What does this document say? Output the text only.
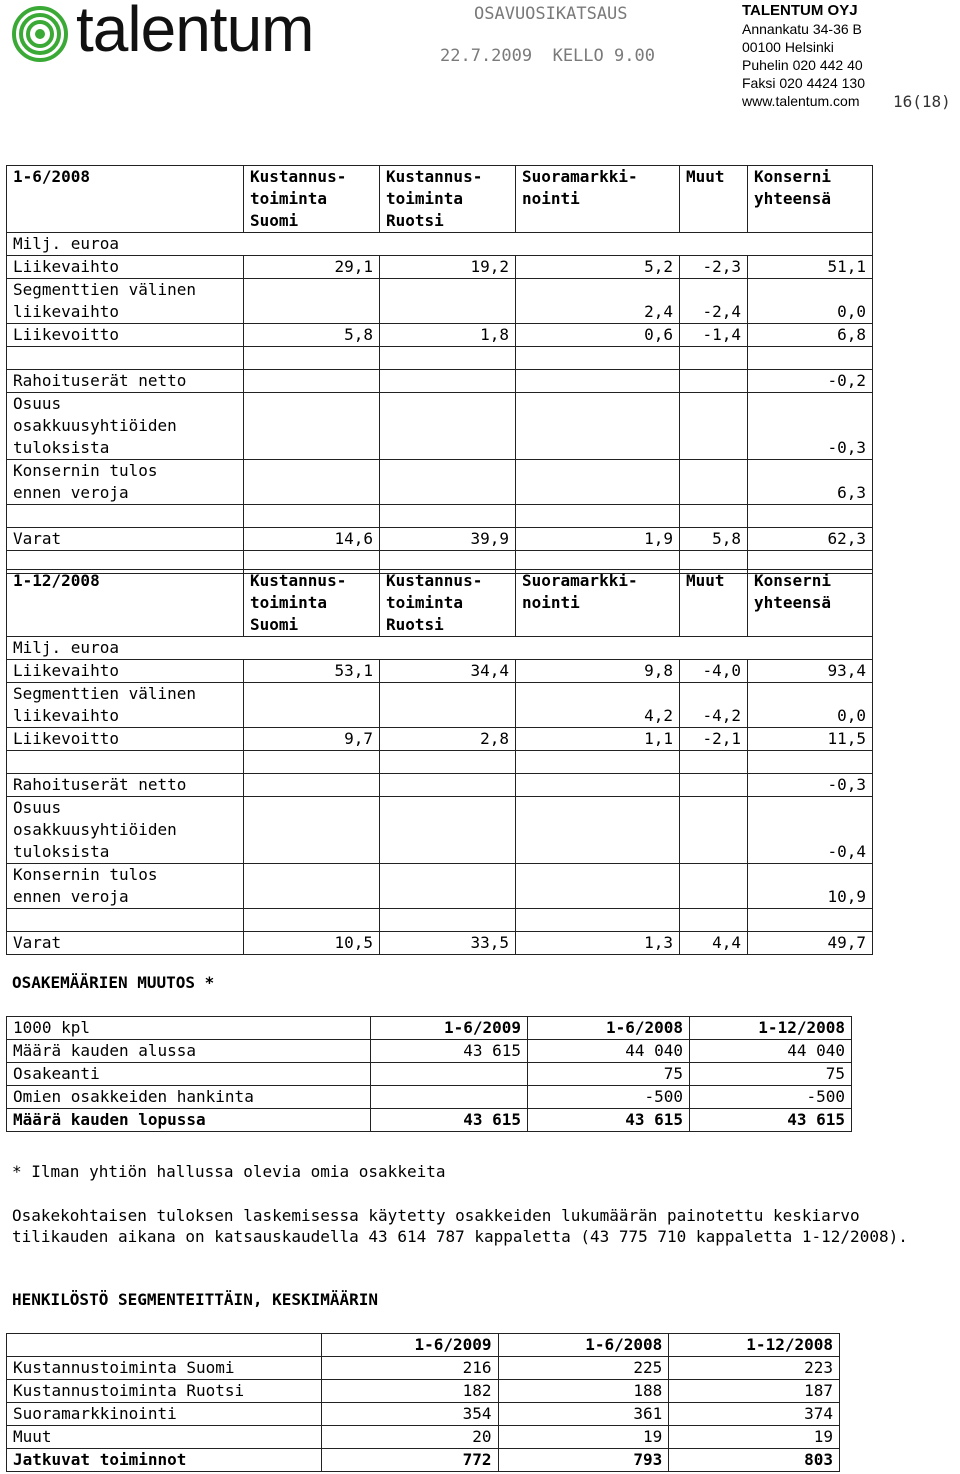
talentum	OSAVUOSIKATSAUS
22.7.2009  KELLO 9.00
TALENTUM OYJ
Annankatu 34-36 B
00100 Helsinki
Puhelin 020 442 40
Faksi 020 4424 130
www.talentum.com	16(18)
1-6/2008	Kustannus-
toiminta
Suomi	Kustannus-
toiminta
Ruotsi	Suoramarkki-
nointi	Muut	Konserni
yhteensä
Milj. euroa					
Liikevaihto	29,1	19,2	5,2	-2,3	51,1
Segmenttien välinen
liikevaihto			2,4	-2,4	0,0
Liikevoitto	5,8	1,8	0,6	-1,4	6,8

Rahoituserät netto					-0,2
Osuus
osakkuusyhtiöiden
tuloksista					-0,3
Konsernin tulos
ennen veroja					6,3

Varat	14,6	39,9	1,9	5,8	62,3

1-12/2008	Kustannus-
toiminta
Suomi	Kustannus-
toiminta
Ruotsi	Suoramarkki-
nointi	Muut	Konserni
yhteensä
Milj. euroa					
Liikevaihto	53,1	34,4	9,8	-4,0	93,4
Segmenttien välinen
liikevaihto			4,2	-4,2	0,0
Liikevoitto	9,7	2,8	1,1	-2,1	11,5

Rahoituserät netto					-0,3
Osuus
osakkuusyhtiöiden
tuloksista					-0,4
Konsernin tulos
ennen veroja					10,9

Varat	10,5	33,5	1,3	4,4	49,7
OSAKEMÄÄRIEN MUUTOS *
1000 kpl	1-6/2009	1-6/2008	1-12/2008
Määrä kauden alussa	43 615	44 040	44 040
Osakeanti		75	75
Omien osakkeiden hankinta		-500	-500
Määrä kauden lopussa	43 615	43 615	43 615
* Ilman yhtiön hallussa olevia omia osakkeita
Osakekohtaisen tuloksen laskemisessa käytetty osakkeiden lukumäärän painotettu keskiarvo tilikauden aikana on katsauskaudella 43 614 787 kappaletta (43 775 710 kappaletta 1-12/2008).
HENKILÖSTÖ SEGMENTEITTÄIN, KESKIMÄÄRIN
	1-6/2009	1-6/2008	1-12/2008
Kustannustoiminta Suomi	216	225	223
Kustannustoiminta Ruotsi	182	188	187
Suoramarkkinointi	354	361	374
Muut	20	19	19
Jatkuvat toiminnot	772	793	803
